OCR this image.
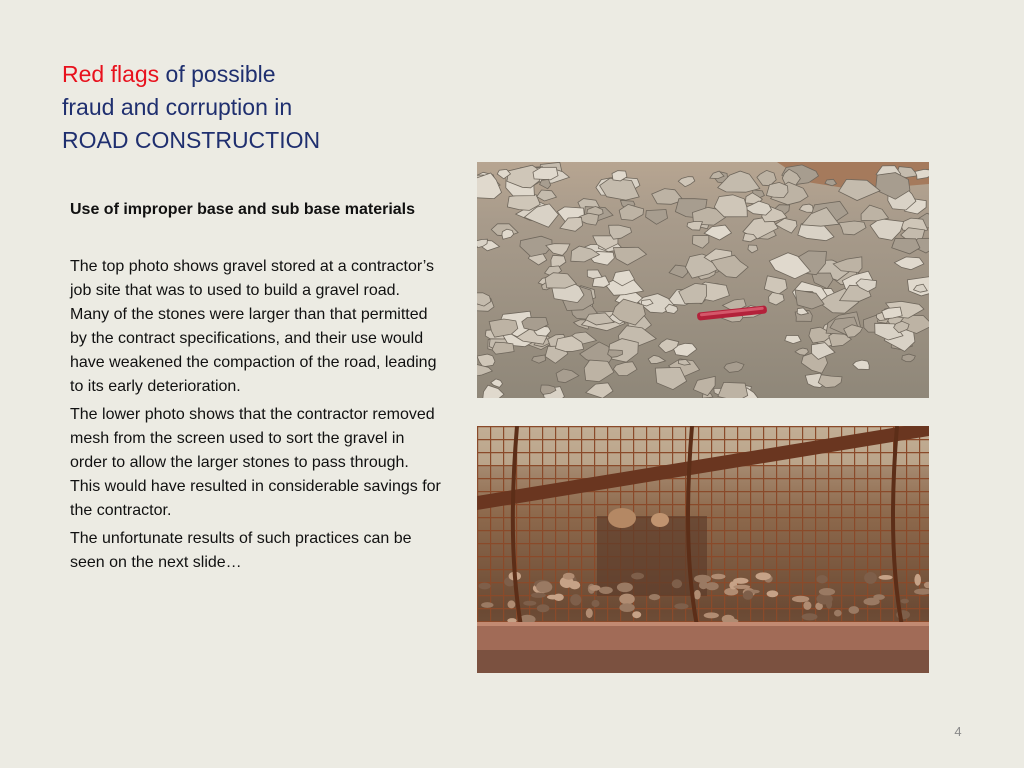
Red flags of possible
fraud and corruption in
ROAD CONSTRUCTION
Use of improper base and sub base materials

The top photo shows gravel stored at a contractor’s job site that was to used to build a gravel road. Many of the stones were larger than that permitted by the contract specifications, and their use would have weakened the compaction of the road, leading to its early deterioration.

The lower photo shows that the contractor removed mesh from the screen used to sort the gravel in order to allow the larger stones to pass through. This would have resulted in considerable savings for the contractor.

The unfortunate results of such practices can be seen on the next slide…

4
